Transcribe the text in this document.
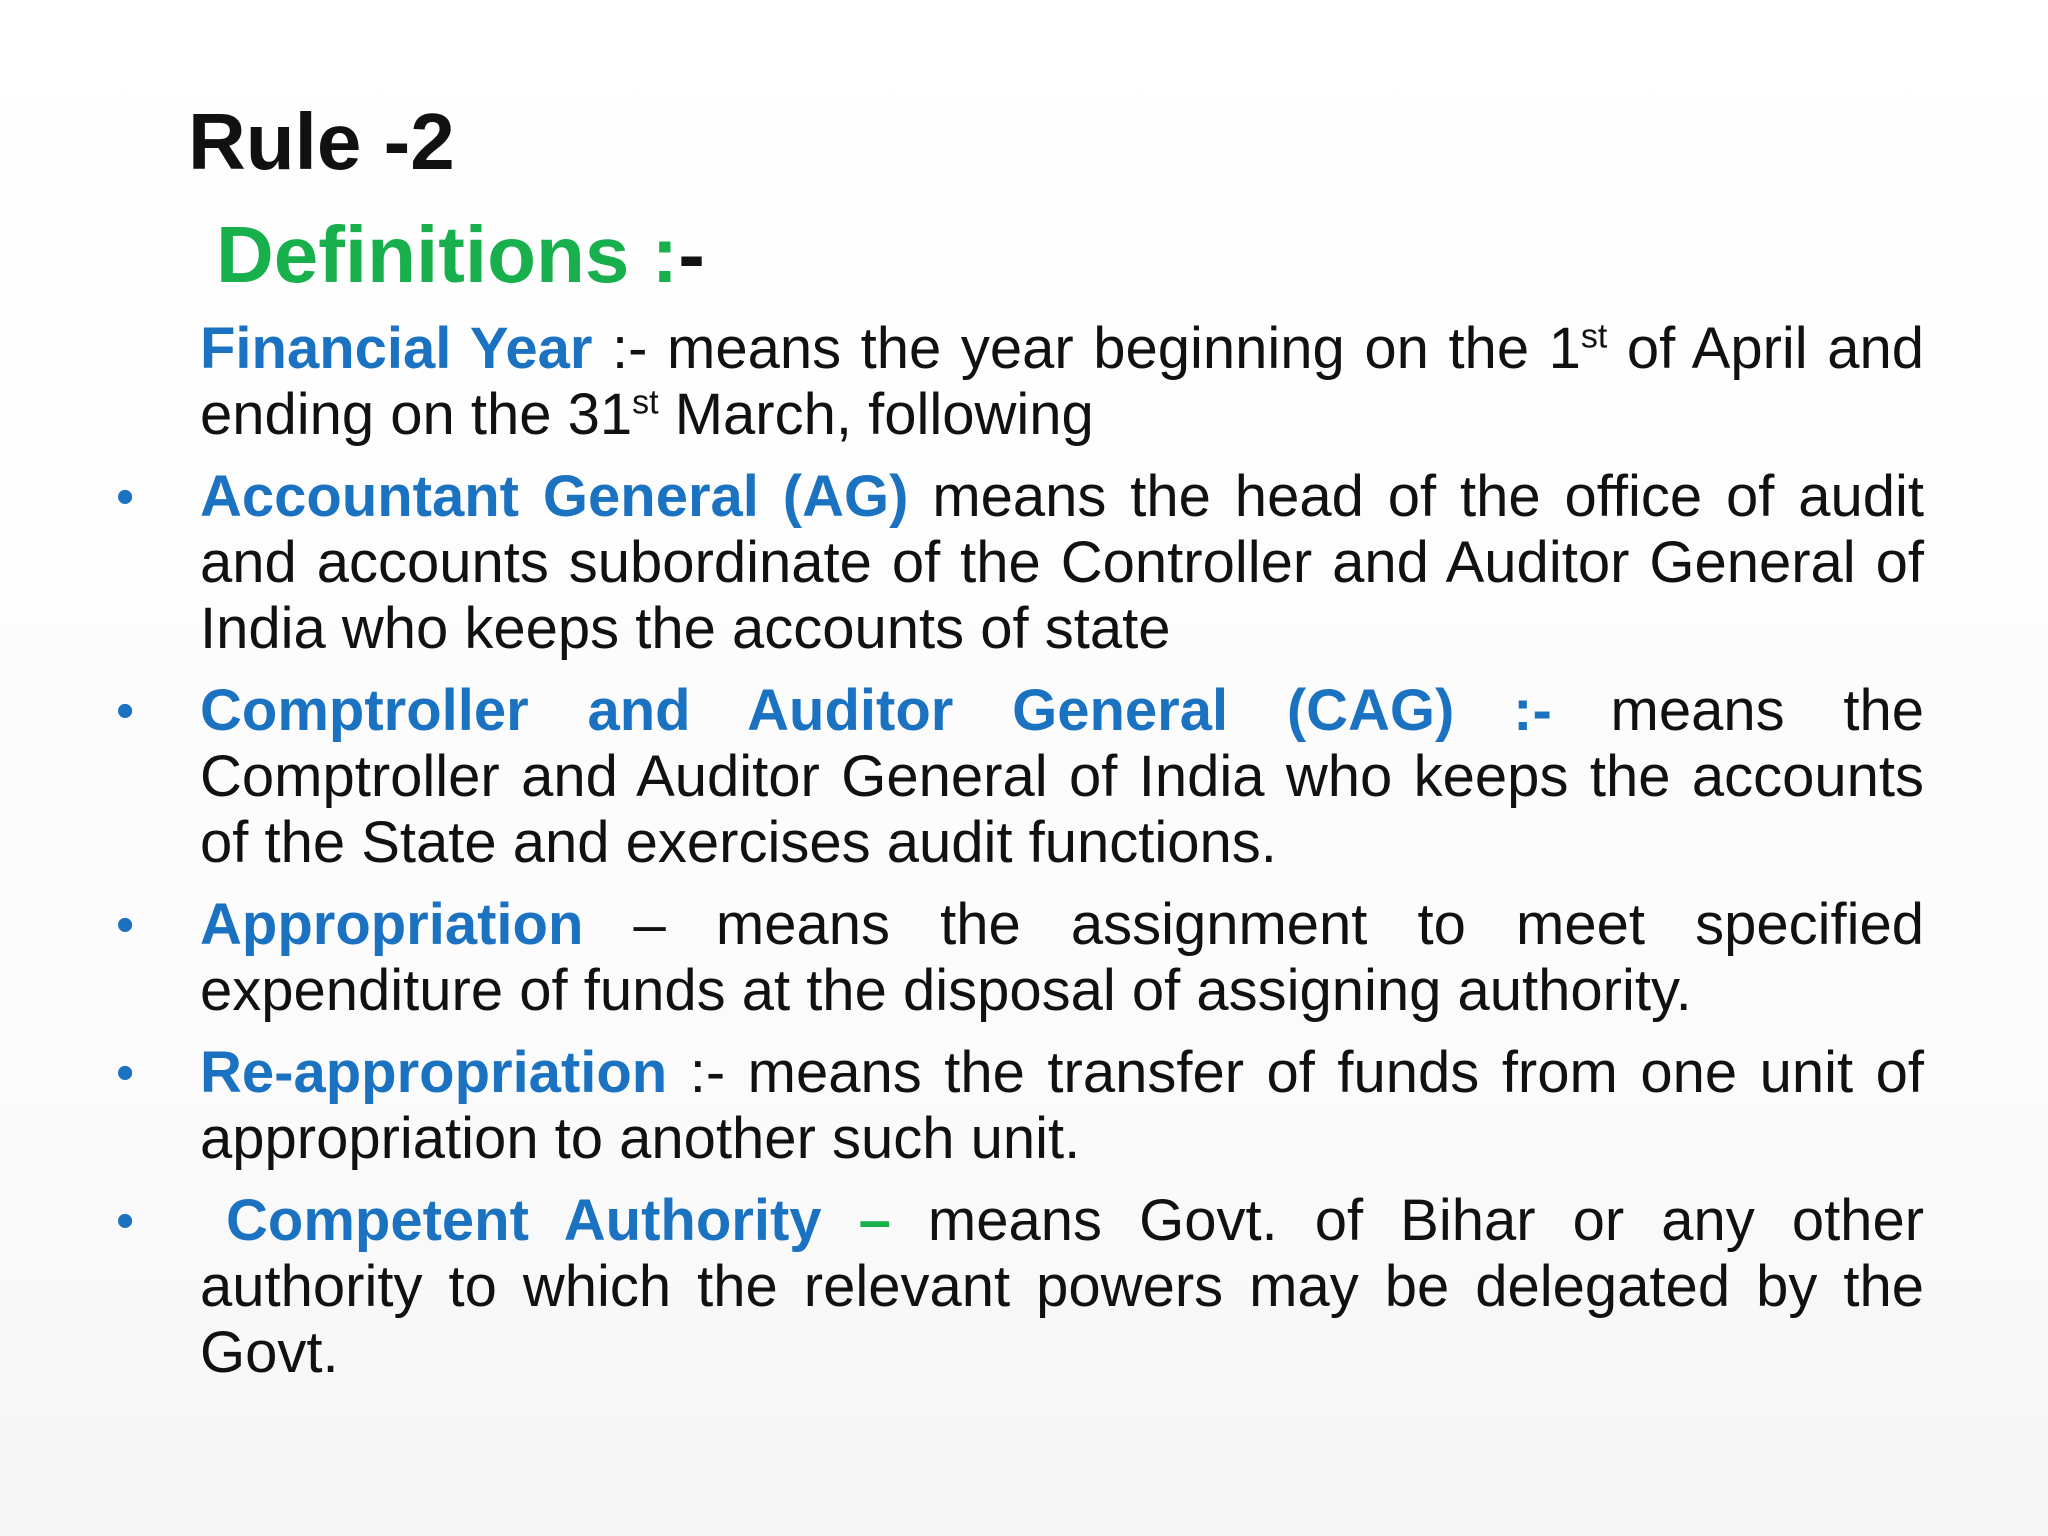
Rule -2
Definitions :-
Financial Year :- means the year beginning on the 1st of April and ending on the 31st March, following
•	Accountant General (AG) means the head of the office of audit and accounts subordinate of the Controller and Auditor General of India who keeps the accounts of state
•	Comptroller and Auditor General (CAG) :- means the Comptroller and Auditor General of India who keeps the accounts of the State and exercises audit functions.
•	Appropriation – means the assignment to meet specified expenditure of funds at the disposal of assigning authority.
•	Re-appropriation :- means the transfer of funds from one unit of appropriation to another such unit.
•	Competent Authority – means Govt. of Bihar or any other authority to which the relevant powers may be delegated by the Govt.
